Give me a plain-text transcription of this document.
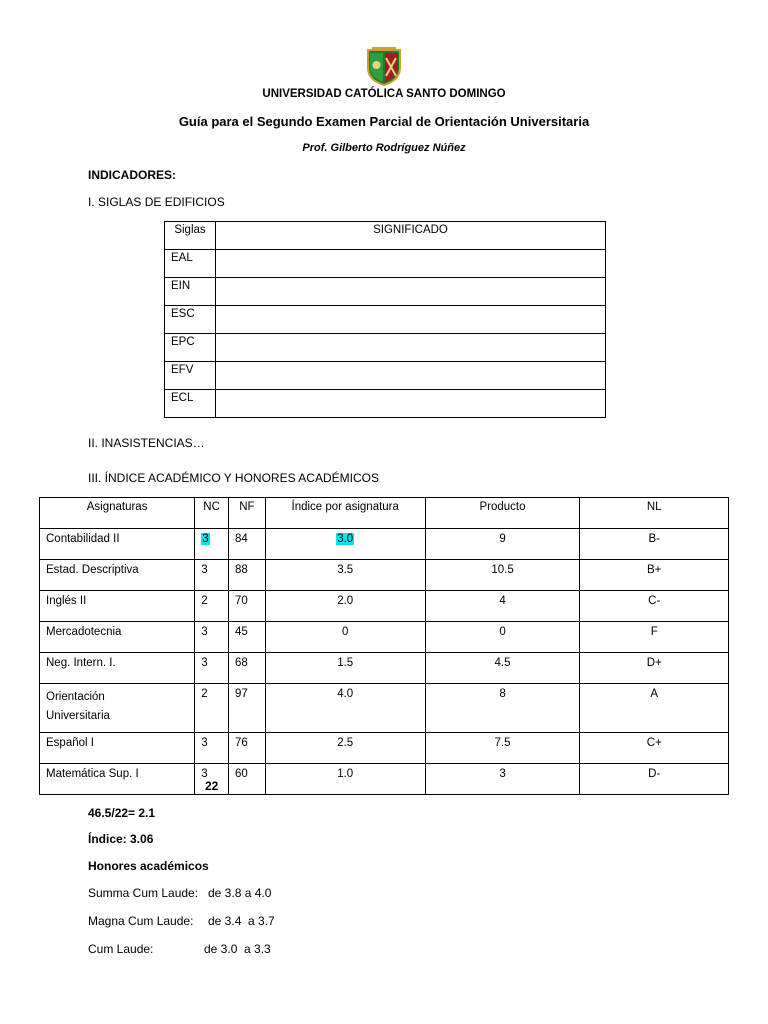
UNIVERSIDAD CATÓLICA SANTO DOMINGO
Guía para el Segundo Examen Parcial de Orientación Universitaria
Prof. Gilberto Rodríguez Núñez
INDICADORES:
I. SIGLAS DE EDIFICIOS
Siglas	SIGNIFICADO
EAL	
EIN	
ESC	
EPC	
EFV	
ECL	
II. INASISTENCIAS…
III. ÍNDICE ACADÉMICO Y HONORES ACADÉMICOS
Asignaturas	NC	NF	Índice por asignatura	Producto	NL
Contabilidad II	3	84	3.0	9	B-
Estad. Descriptiva	3	88	3.5	10.5	B+
Inglés II	2	70	2.0	4	C-
Mercadotecnia	3	45	0	0	F
Neg. Intern. I.	3	68	1.5	4.5	D+
Orientación
Universitaria	2	97	4.0	8	A
Español I	3	76	2.5	7.5	C+
Matemática Sup. I	3	60	1.0	3	D-
22
46.5/22= 2.1
Índice: 3.06
Honores académicos
Summa Cum Laude: de 3.8 a 4.0
Magna Cum Laude: de 3.4  a 3.7
Cum Laude:	de 3.0  a 3.3
